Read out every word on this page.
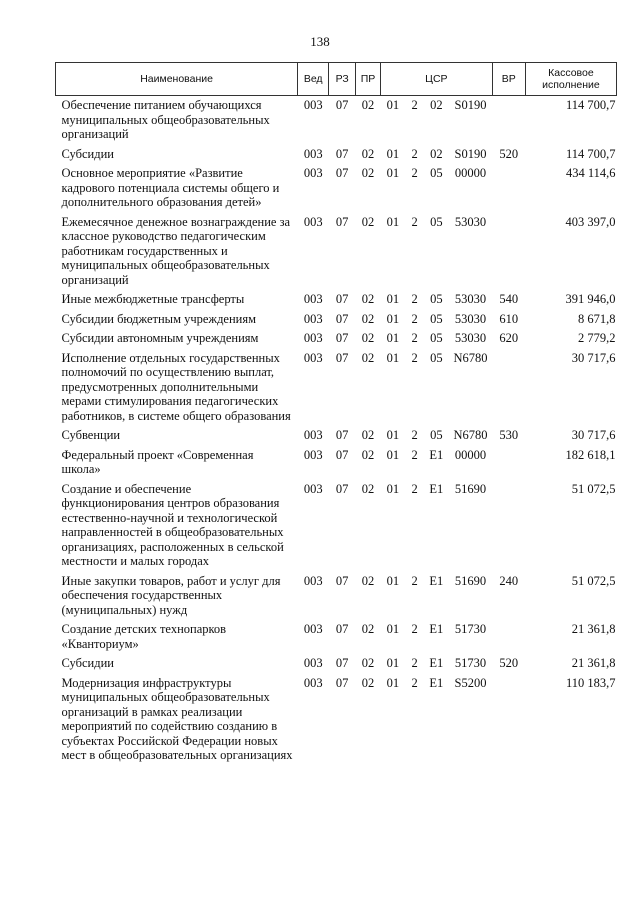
138
Наименование	Вед	РЗ	ПР	ЦСР				ВР	Кассовое исполнение
Обеспечение питанием обучающихся муниципальных общеобразовательных организаций	003	07	02	01	2	02	S0190		114 700,7
Субсидии	003	07	02	01	2	02	S0190	520	114 700,7
Основное мероприятие «Развитие кадрового потенциала системы общего и дополнительного образования детей»	003	07	02	01	2	05	00000		434 114,6
Ежемесячное денежное вознаграждение за классное руководство педагогическим работникам государственных и муниципальных общеобразовательных организаций	003	07	02	01	2	05	53030		403 397,0
Иные межбюджетные трансферты	003	07	02	01	2	05	53030	540	391 946,0
Субсидии бюджетным учреждениям	003	07	02	01	2	05	53030	610	8 671,8
Субсидии автономным учреждениям	003	07	02	01	2	05	53030	620	2 779,2
Исполнение отдельных государственных полномочий по осуществлению выплат, предусмотренных дополнительными мерами стимулирования педагогических работников, в системе общего образования	003	07	02	01	2	05	N6780		30 717,6
Субвенции	003	07	02	01	2	05	N6780	530	30 717,6
Федеральный проект «Современная школа»	003	07	02	01	2	E1	00000		182 618,1
Создание и обеспечение функционирования центров образования естественно-научной и технологической направленностей в общеобразовательных организациях, расположенных в сельской местности и малых городах	003	07	02	01	2	E1	51690		51 072,5
Иные закупки товаров, работ и услуг для обеспечения государственных (муниципальных) нужд	003	07	02	01	2	E1	51690	240	51 072,5
Создание детских технопарков «Кванториум»	003	07	02	01	2	E1	51730		21 361,8
Субсидии	003	07	02	01	2	E1	51730	520	21 361,8
Модернизация инфраструктуры муниципальных общеобразовательных организаций в рамках реализации мероприятий по содействию созданию в субъектах Российской Федерации новых мест в общеобразовательных организациях	003	07	02	01	2	E1	S5200		110 183,7
